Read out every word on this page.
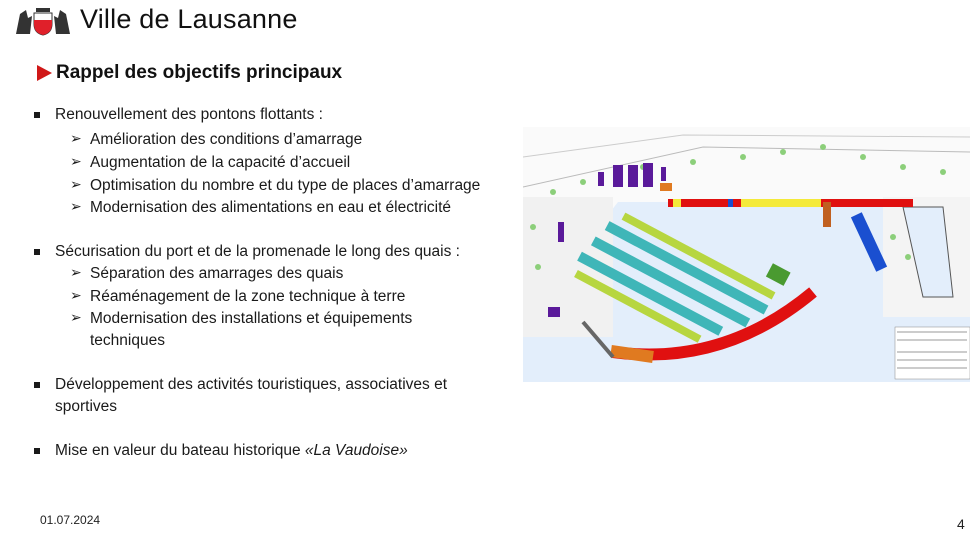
Ville de Lausanne
Rappel des objectifs principaux
Renouvellement des pontons flottants :
➢ Amélioration des conditions d’amarrage
➢ Augmentation de la capacité d’accueil
➢ Optimisation du nombre et du type de places d’amarrage
➢ Modernisation des alimentations en eau et électricité
Sécurisation du port et de la promenade le long des quais :
➢ Séparation des amarrages des quais
➢ Réaménagement de la zone technique à terre
➢ Modernisation des installations et équipements
techniques
Développement des activités touristiques, associatives et
sportives
Mise en valeur du bateau historique «La Vaudoise»
01.07.2024	4
